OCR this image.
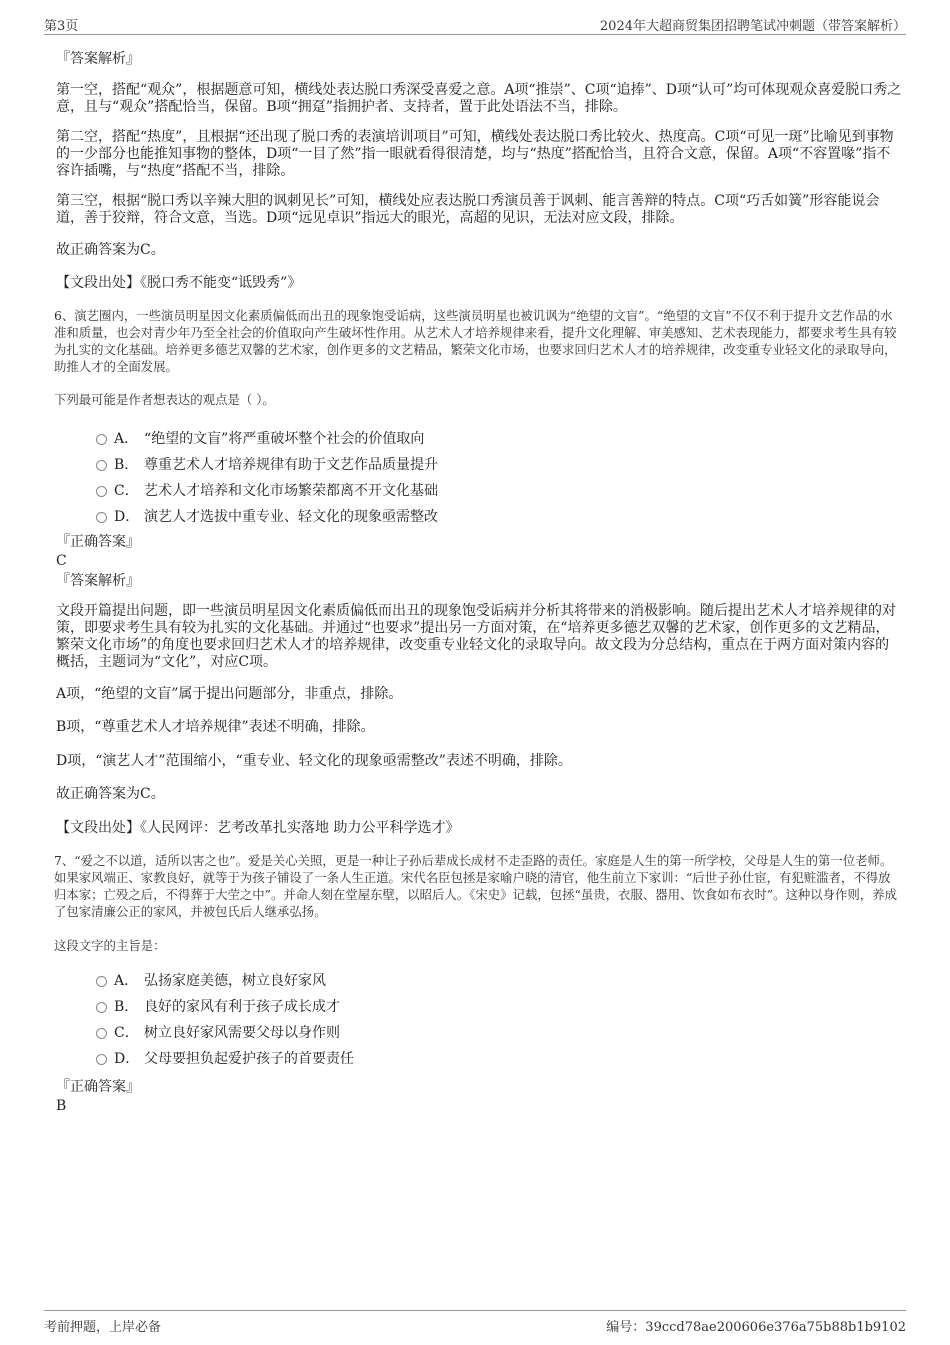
第3页	2024年大超商贸集团招聘笔试冲刺题（带答案解析）

『答案解析』

第一空，搭配“观众”，根据题意可知，横线处表达脱口秀深受喜爱之意。A项“推崇”、C项“追捧”、D项“认可”均可体现观众喜爱脱口秀之意，且与“观众”搭配恰当，保留。B项“拥趸”指拥护者、支持者，置于此处语法不当，排除。

第二空，搭配“热度”，且根据“还出现了脱口秀的表演培训项目”可知，横线处表达脱口秀比较火、热度高。C项“可见一斑”比喻见到事物的一少部分也能推知事物的整体，D项“一目了然”指一眼就看得很清楚，均与“热度”搭配恰当，且符合文意，保留。A项“不容置喙”指不容许插嘴，与“热度”搭配不当，排除。

第三空，根据“脱口秀以辛辣大胆的讽刺见长”可知，横线处应表达脱口秀演员善于讽刺、能言善辩的特点。C项“巧舌如簧”形容能说会道，善于狡辩，符合文意，当选。D项“远见卓识”指远大的眼光，高超的见识，无法对应文段，排除。

故正确答案为C。

【文段出处】《脱口秀不能变“诋毁秀”》

6、演艺圈内，一些演员明星因文化素质偏低而出丑的现象饱受诟病，这些演员明星也被讥讽为“绝望的文盲”。“绝望的文盲”不仅不利于提升文艺作品的水准和质量，也会对青少年乃至全社会的价值取向产生破坏性作用。从艺术人才培养规律来看，提升文化理解、审美感知、艺术表现能力，都要求考生具有较为扎实的文化基础。培养更多德艺双馨的艺术家，创作更多的文艺精品，繁荣文化市场，也要求回归艺术人才的培养规律，改变重专业轻文化的录取导向，助推人才的全面发展。

下列最可能是作者想表达的观点是（ ）。

A． “绝望的文盲”将严重破坏整个社会的价值取向
B． 尊重艺术人才培养规律有助于文艺作品质量提升
C． 艺术人才培养和文化市场繁荣都离不开文化基础
D． 演艺人才选拔中重专业、轻文化的现象亟需整改

『正确答案』

C

『答案解析』

文段开篇提出问题，即一些演员明星因文化素质偏低而出丑的现象饱受诟病并分析其将带来的消极影响。随后提出艺术人才培养规律的对策，即要求考生具有较为扎实的文化基础。并通过“也要求”提出另一方面对策，在“培养更多德艺双馨的艺术家，创作更多的文艺精品，繁荣文化市场”的角度也要求回归艺术人才的培养规律，改变重专业轻文化的录取导向。故文段为分总结构，重点在于两方面对策内容的概括，主题词为“文化”，对应C项。

A项，“绝望的文盲”属于提出问题部分，非重点，排除。

B项，“尊重艺术人才培养规律”表述不明确，排除。

D项，“演艺人才”范围缩小，“重专业、轻文化的现象亟需整改”表述不明确，排除。

故正确答案为C。

【文段出处】《人民网评：艺考改革扎实落地 助力公平科学选才》

7、“爱之不以道，适所以害之也”。爱是关心关照，更是一种让子孙后辈成长成材不走歪路的责任。家庭是人生的第一所学校，父母是人生的第一位老师。如果家风端正、家教良好，就等于为孩子铺设了一条人生正道。宋代名臣包拯是家喻户晓的清官，他生前立下家训：“后世子孙仕宦，有犯赃滥者，不得放归本家；亡殁之后，不得葬于大茔之中”。并命人刻在堂屋东壁，以昭后人。《宋史》记载，包拯“虽贵，衣服、器用、饮食如布衣时”。这种以身作则，养成了包家清廉公正的家风，并被包氏后人继承弘扬。

这段文字的主旨是：

A． 弘扬家庭美德，树立良好家风
B． 良好的家风有利于孩子成长成才
C． 树立良好家风需要父母以身作则
D． 父母要担负起爱护孩子的首要责任

『正确答案』

B

考前押题，上岸必备	编号：39ccd78ae200606e376a75b88b1b9102
